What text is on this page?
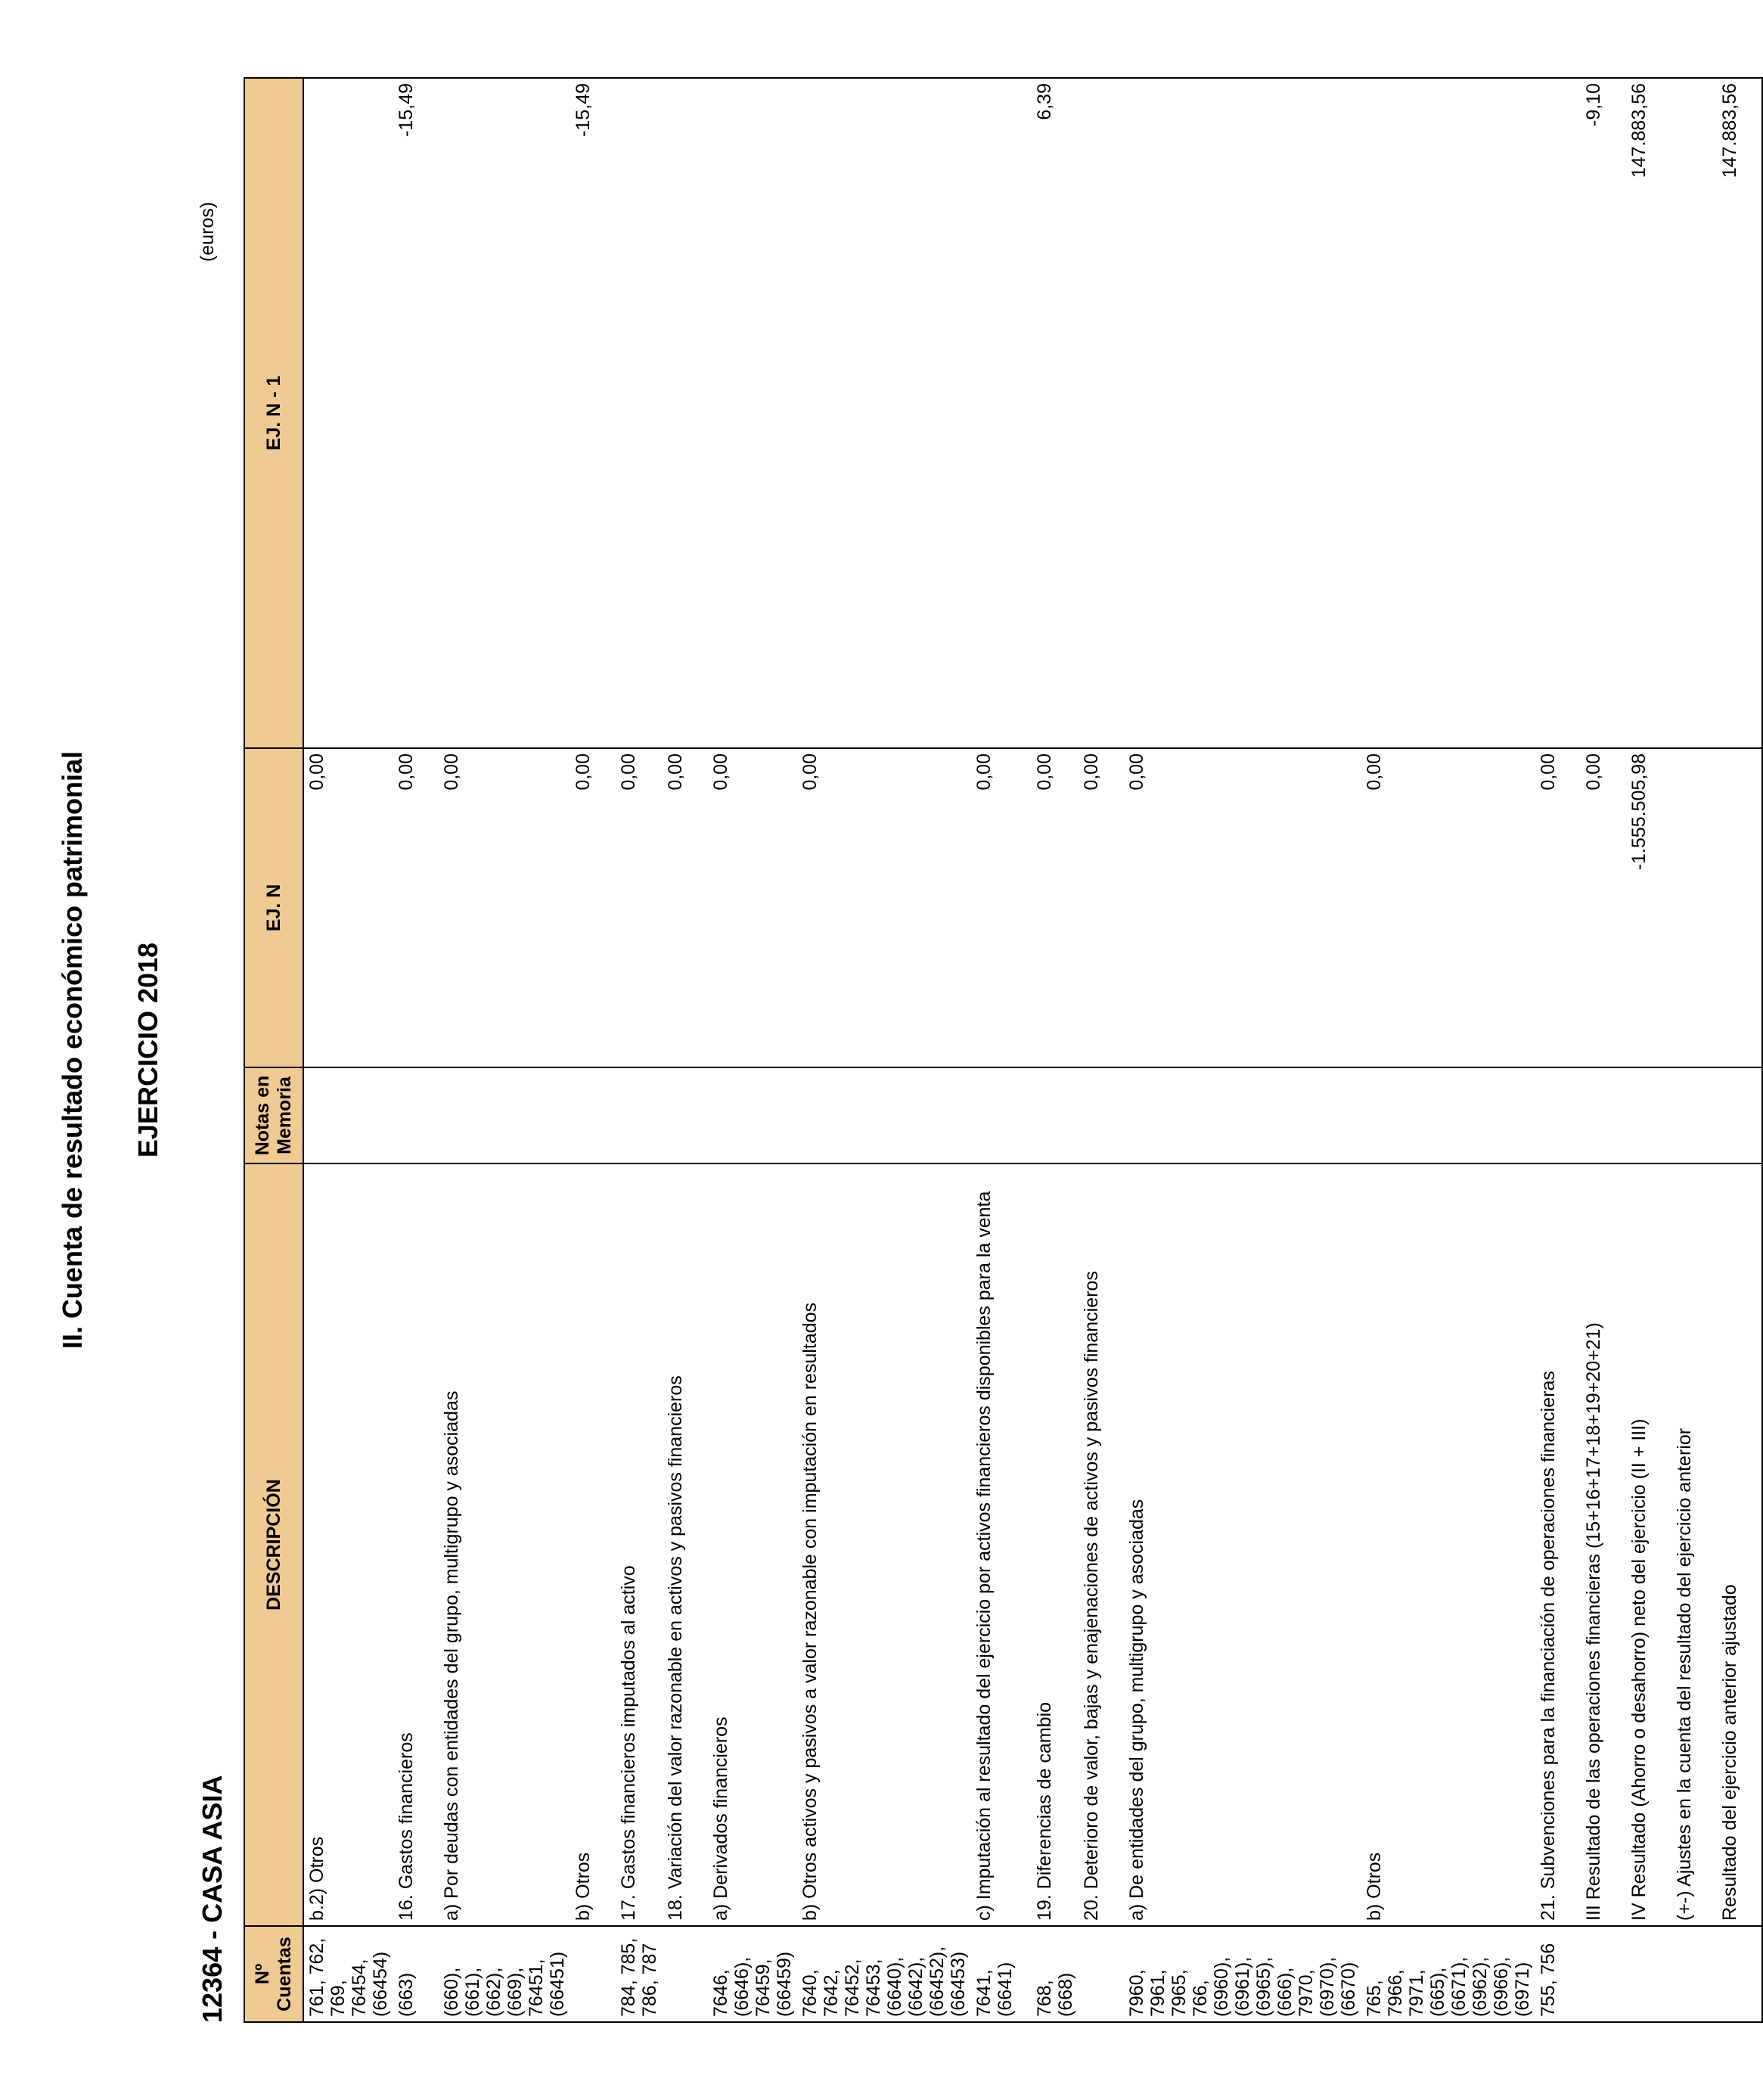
II. Cuenta de resultado económico patrimonial EJERCICIO 2018
12364 - CASA ASIA
(euros)
Nº Cuentas	DESCRIPCIÓN	Notas en Memoria	EJ. N	EJ. N - 1
761, 762, 769, 76454, (66454)	b.2) Otros		0,00	
(663)	16. Gastos financieros		0,00	-15,49
(660), (661), (662), (669), 76451, (66451)	a) Por deudas con entidades del grupo, multigrupo y asociadas		0,00	
	b) Otros		0,00	-15,49
784, 785, 786, 787	17. Gastos financieros imputados al activo		0,00	
	18. Variación del valor razonable en activos y pasivos financieros		0,00	
7646, (6646), 76459, (66459)	a) Derivados financieros		0,00	
7640, 7642, 76452, 76453, (6640), (6642), (66452), (66453)	b) Otros activos y pasivos a valor razonable con imputación en resultados		0,00	
7641, (6641)	c) Imputación al resultado del ejercicio por activos financieros disponibles para la venta		0,00	
768, (668)	19. Diferencias de cambio		0,00	6,39
	20. Deterioro de valor, bajas y enajenaciones de activos y pasivos financieros		0,00	
7960, 7961, 7965, 766, (6960), (6961), (6965), (666), 7970, (6970), (6670)	a) De entidades del grupo, multigrupo y asociadas		0,00	
765, 7966, 7971, (665), (6671), (6962), (6966), (6971)	b) Otros		0,00	
755, 756	21. Subvenciones para la financiación de operaciones financieras		0,00	
	III Resultado de las operaciones financieras (15+16+17+18+19+20+21)		0,00	-9,10
	IV Resultado (Ahorro o desahorro) neto del ejercicio (II + III)		-1.555.505,98	147.883,56
	(+-) Ajustes en la cuenta del resultado del ejercicio anterior			
	Resultado del ejercicio anterior ajustado			147.883,56
